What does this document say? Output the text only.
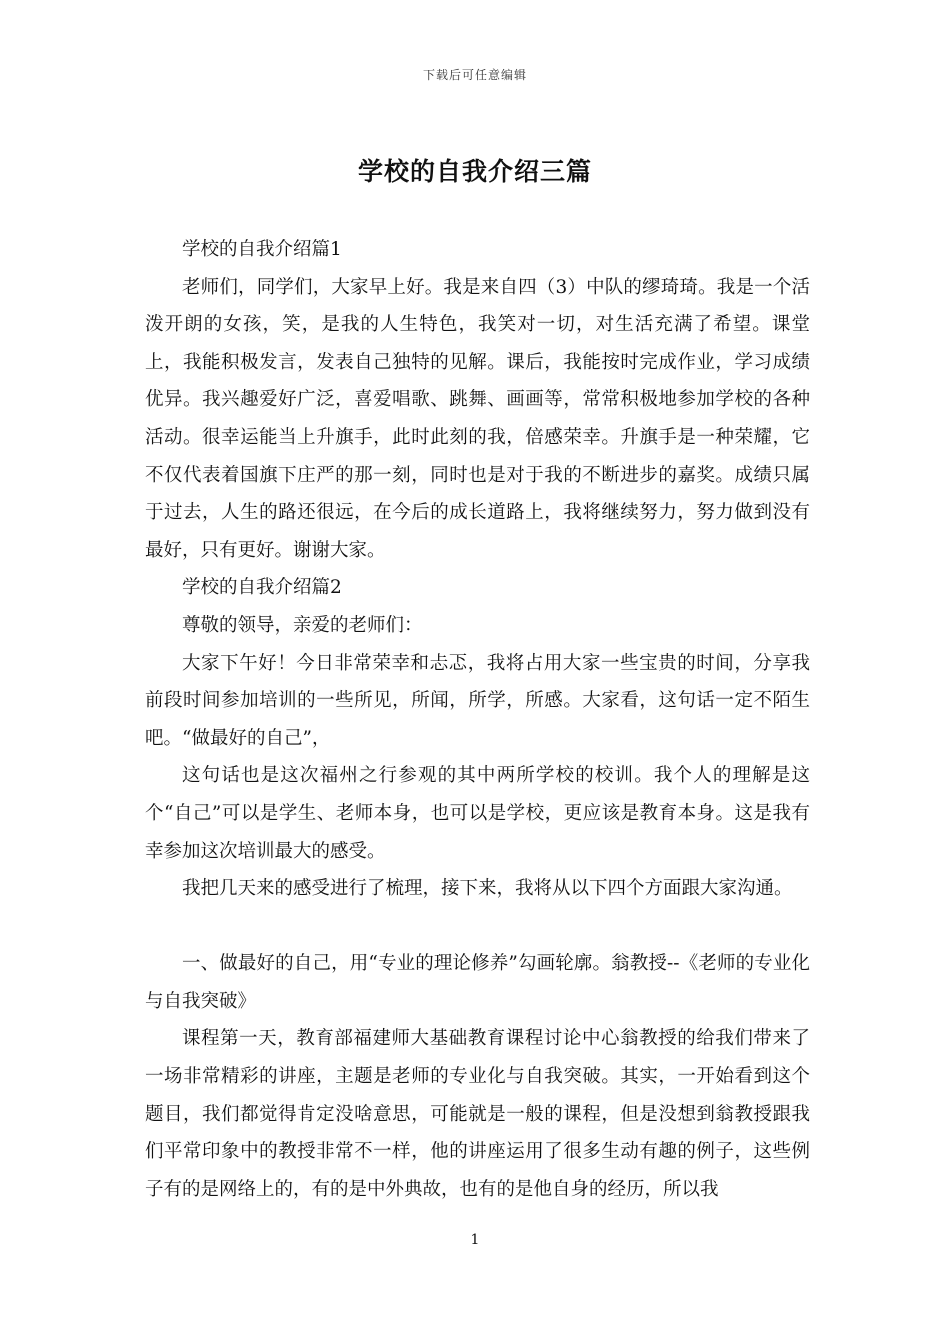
下载后可任意编辑
学校的自我介绍三篇

学校的自我介绍篇1

老师们，同学们，大家早上好。我是来自四（3）中队的缪琦琦。我是一个活泼开朗的女孩，笑，是我的人生特色，我笑对一切，对生活充满了希望。课堂上，我能积极发言，发表自己独特的见解。课后，我能按时完成作业，学习成绩优异。我兴趣爱好广泛，喜爱唱歌、跳舞、画画等，常常积极地参加学校的各种活动。很幸运能当上升旗手，此时此刻的我，倍感荣幸。升旗手是一种荣耀，它不仅代表着国旗下庄严的那一刻，同时也是对于我的不断进步的嘉奖。成绩只属于过去，人生的路还很远，在今后的成长道路上，我将继续努力，努力做到没有最好，只有更好。谢谢大家。

学校的自我介绍篇2

尊敬的领导，亲爱的老师们：

大家下午好！今日非常荣幸和忐忑，我将占用大家一些宝贵的时间，分享我前段时间参加培训的一些所见，所闻，所学，所感。大家看，这句话一定不陌生吧。“做最好的自己”，

这句话也是这次福州之行参观的其中两所学校的校训。我个人的理解是这个“自己”可以是学生、老师本身，也可以是学校，更应该是教育本身。这是我有幸参加这次培训最大的感受。

我把几天来的感受进行了梳理，接下来，我将从以下四个方面跟大家沟通。

一、做最好的自己，用“专业的理论修养”勾画轮廓。翁教授--《老师的专业化与自我突破》

课程第一天，教育部福建师大基础教育课程讨论中心翁教授的给我们带来了一场非常精彩的讲座，主题是老师的专业化与自我突破。其实，一开始看到这个题目，我们都觉得肯定没啥意思，可能就是一般的课程，但是没想到翁教授跟我们平常印象中的教授非常不一样，他的讲座运用了很多生动有趣的例子，这些例子有的是网络上的，有的是中外典故，也有的是他自身的经历，所以我

1
